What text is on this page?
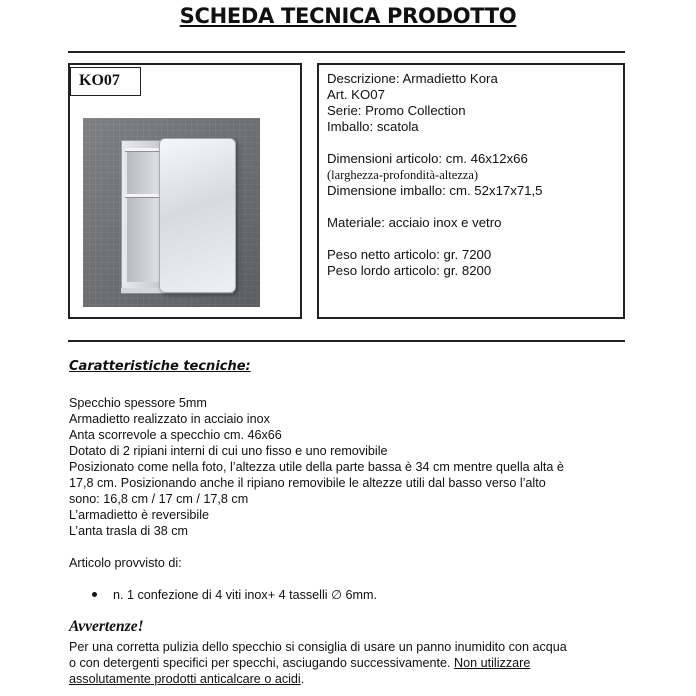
SCHEDA TECNICA PRODOTTO
KO07	Descrizione: Armadietto Kora
Art. KO07
Serie: Promo Collection
Imballo: scatola
Dimensioni articolo: cm. 46x12x66
(larghezza-profondità-altezza)
Dimensione imballo: cm. 52x17x71,5
Materiale: acciaio inox e vetro
Peso netto articolo: gr. 7200
Peso lordo articolo: gr. 8200
Caratteristiche tecniche:
Specchio spessore 5mm
Armadietto realizzato in acciaio inox
Anta scorrevole a specchio cm. 46x66
Dotato di 2 ripiani interni di cui uno fisso e uno removibile
Posizionato come nella foto, l’altezza utile della parte bassa è 34 cm mentre quella alta è
17,8 cm. Posizionando anche il ripiano removibile le altezze utili dal basso verso l’alto
sono: 16,8 cm / 17 cm / 17,8 cm
L’armadietto è reversibile
L’anta trasla di 38 cm
Articolo provvisto di:
n. 1 confezione di 4 viti inox+ 4 tasselli ∅ 6mm.
Avvertenze!
Per una corretta pulizia dello specchio si consiglia di usare un panno inumidito con acqua
o con detergenti specifici per specchi, asciugando successivamente. Non utilizzare
assolutamente prodotti anticalcare o acidi.
